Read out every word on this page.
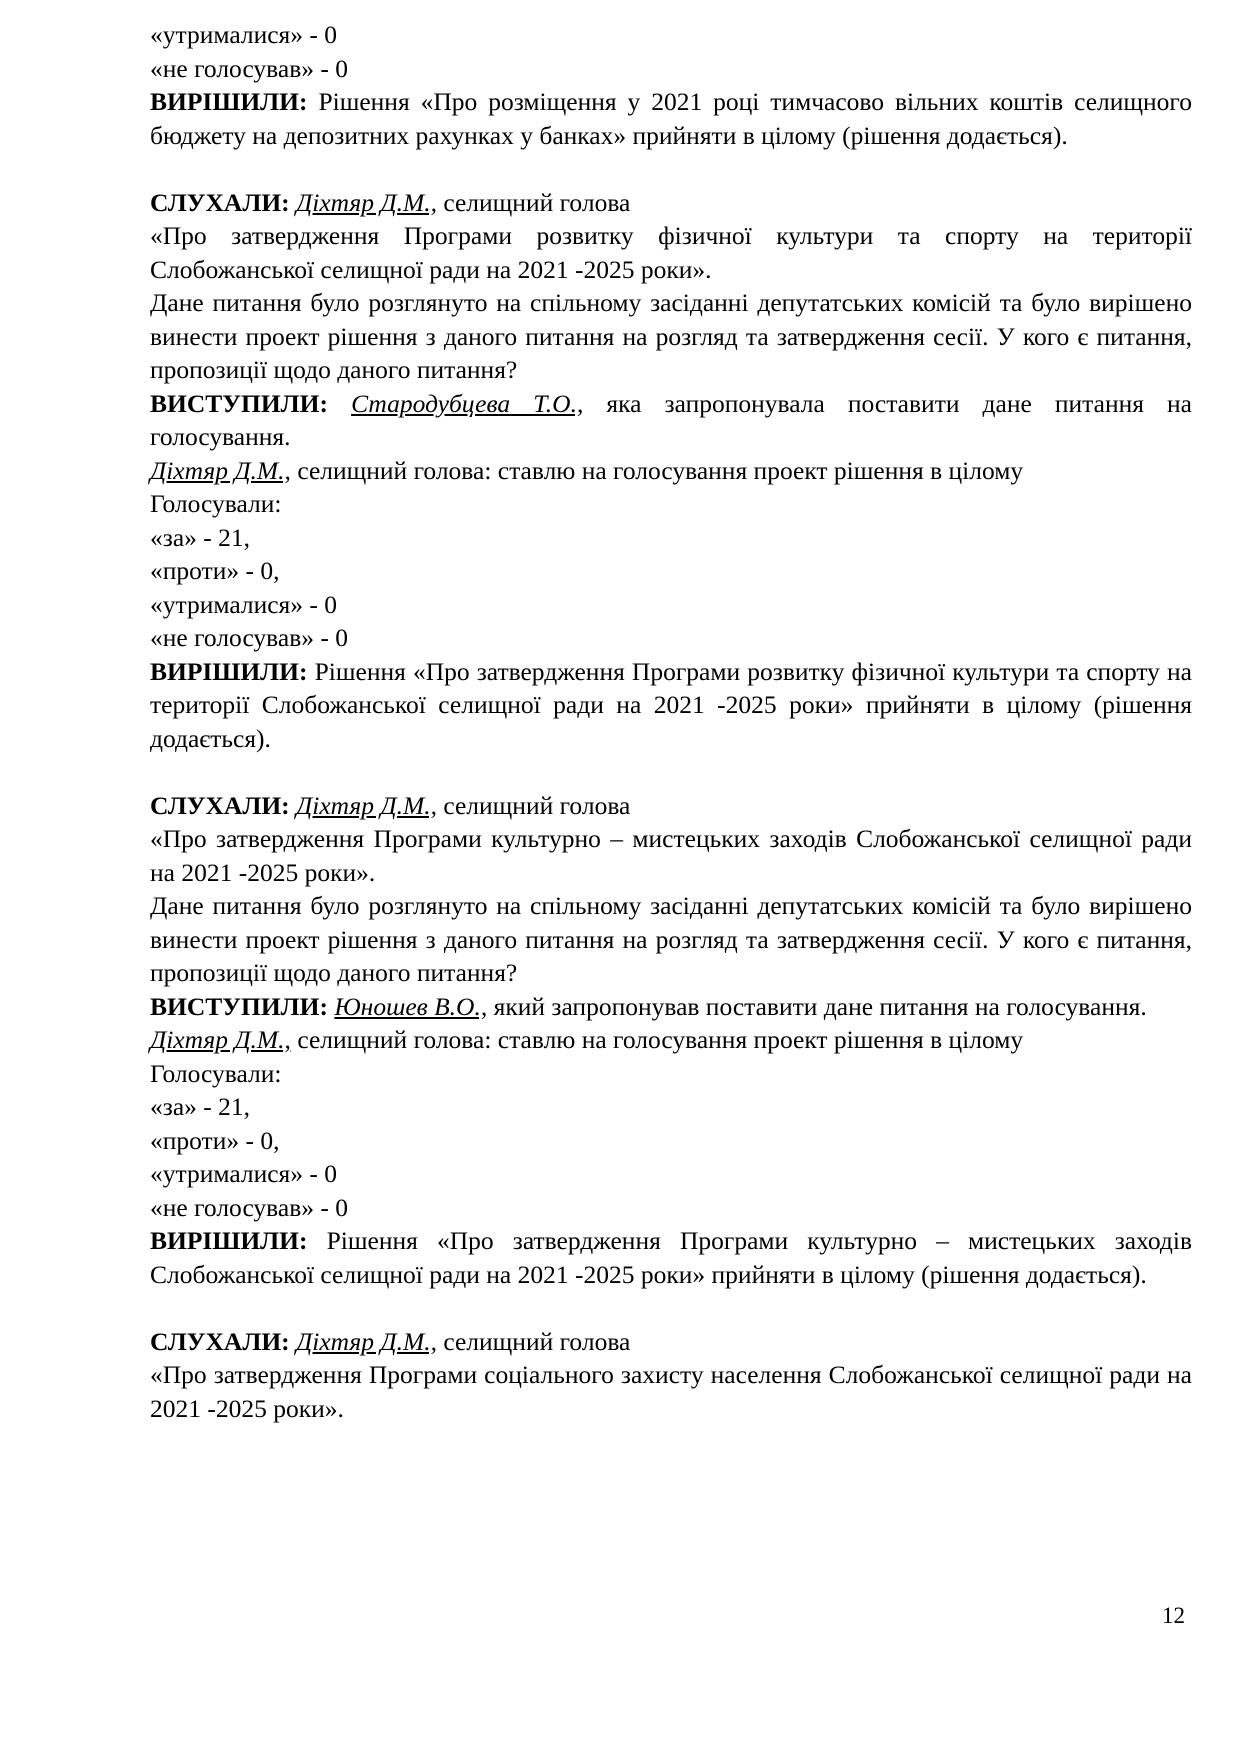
«утрималися» - 0

«не голосував» - 0

ВИРІШИЛИ: Рішення «Про розміщення у 2021 році тимчасово вільних коштів селищного бюджету на депозитних рахунках у банках» прийняти в цілому (рішення додається).

СЛУХАЛИ: Діхтяр Д.М., селищний голова

«Про затвердження Програми розвитку фізичної культури та спорту на території Слобожанської селищної ради на 2021 -2025 роки».

Дане питання було розглянуто на спільному засіданні депутатських комісій та було вирішено винести проект рішення з даного питання на розгляд та затвердження сесії. У кого є питання, пропозиції щодо даного питання?

ВИСТУПИЛИ: Стародубцева Т.О., яка запропонувала поставити дане питання на голосування.

Діхтяр Д.М., селищний голова: ставлю на голосування проект рішення в цілому

Голосували:

«за» - 21,

«проти» - 0,

«утрималися» - 0

«не голосував» - 0

ВИРІШИЛИ: Рішення «Про затвердження Програми розвитку фізичної культури та спорту на території Слобожанської селищної ради на 2021 -2025 роки» прийняти в цілому (рішення додається).

СЛУХАЛИ: Діхтяр Д.М., селищний голова

«Про затвердження Програми культурно – мистецьких заходів Слобожанської селищної ради на 2021 -2025 роки».

Дане питання було розглянуто на спільному засіданні депутатських комісій та було вирішено винести проект рішення з даного питання на розгляд та затвердження сесії. У кого є питання, пропозиції щодо даного питання?

ВИСТУПИЛИ: Юношев В.О., який запропонував поставити дане питання на голосування.

Діхтяр Д.М., селищний голова: ставлю на голосування проект рішення в цілому

Голосували:

«за» - 21,

«проти» - 0,

«утрималися» - 0

«не голосував» - 0

ВИРІШИЛИ: Рішення «Про затвердження Програми культурно – мистецьких заходів Слобожанської селищної ради на 2021 -2025 роки» прийняти в цілому (рішення додається).

СЛУХАЛИ: Діхтяр Д.М., селищний голова

«Про затвердження Програми соціального захисту населення Слобожанської селищної ради на 2021 -2025 роки».

12
